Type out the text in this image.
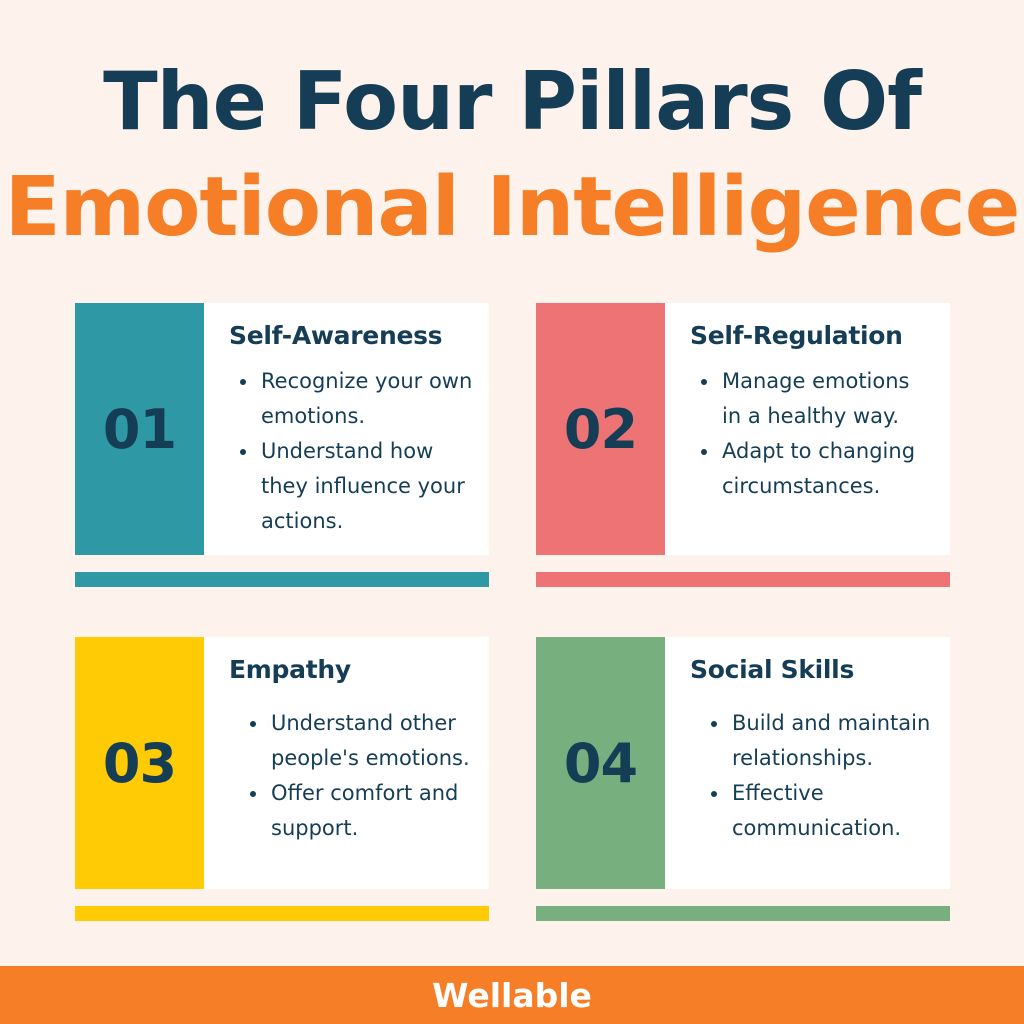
The Four Pillars Of
Emotional Intelligence
01
Self-Awareness
Recognize your own emotions.
Understand how they influence your actions.
02
Self-Regulation
Manage emotions in a healthy way.
Adapt to changing circumstances.
03
Empathy
Understand other people's emotions.
Offer comfort and support.
04
Social Skills
Build and maintain relationships.
Effective communication.
Wellable
